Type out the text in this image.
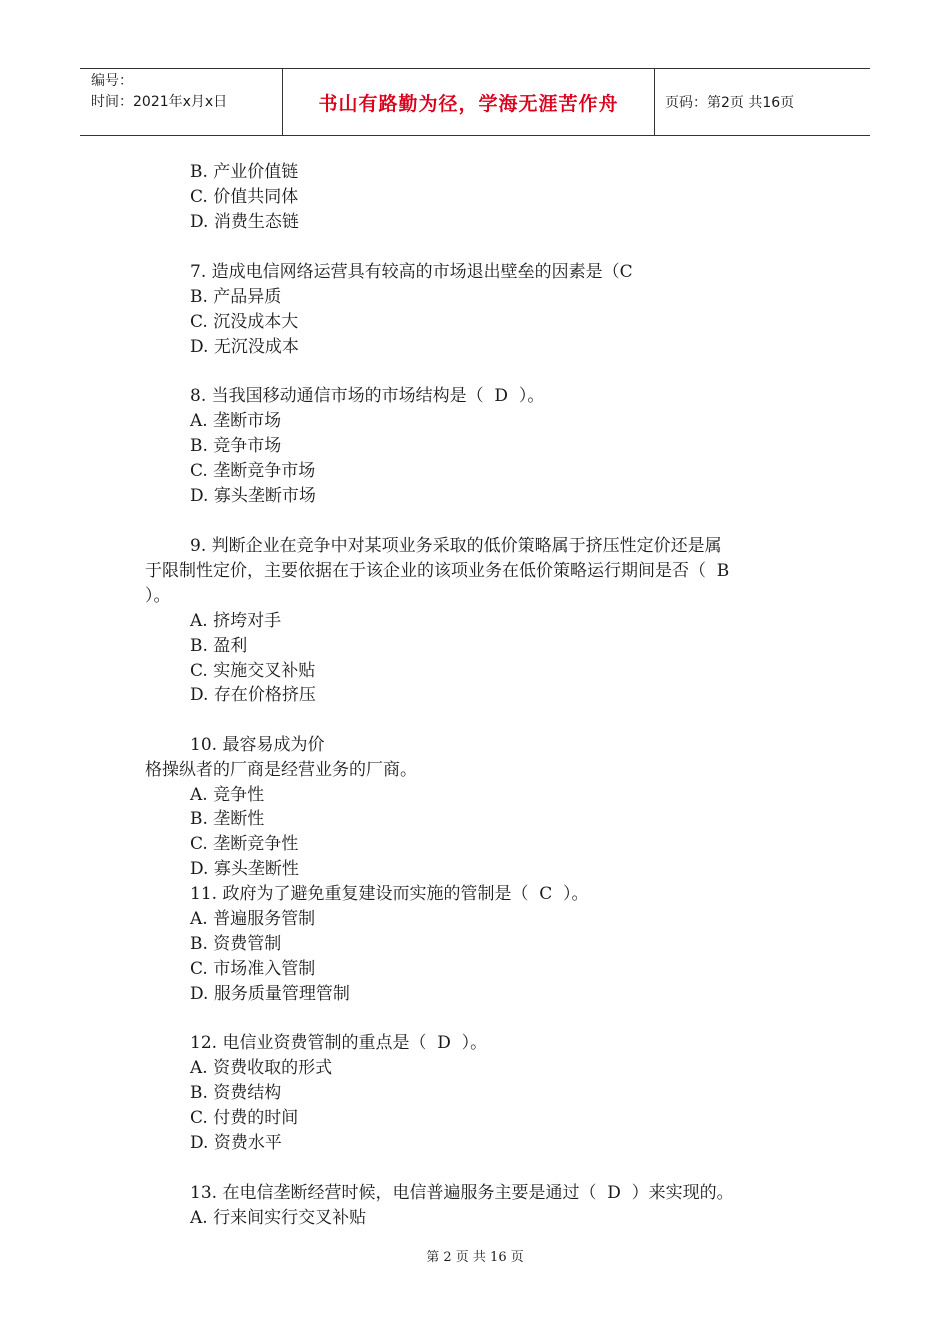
编号：
时间：2021年x月x日	书山有路勤为径，学海无涯苦作舟	页码：第2页 共16页
B. 产业价值链
C. 价值共同体
D. 消费生态链
7. 造成电信网络运营具有较高的市场退出壁垒的因素是（C
B. 产品异质
C. 沉没成本大
D. 无沉没成本
8. 当我国移动通信市场的市场结构是（  D  ）。
A. 垄断市场
B. 竞争市场
C. 垄断竞争市场
D. 寡头垄断市场
9. 判断企业在竞争中对某项业务采取的低价策略属于挤压性定价还是属
于限制性定价，主要依据在于该企业的该项业务在低价策略运行期间是否（  B
）。
A. 挤垮对手
B. 盈利
C. 实施交叉补贴
D. 存在价格挤压
10. 最容易成为价
格操纵者的厂商是经营业务的厂商。
A. 竞争性
B. 垄断性
C. 垄断竞争性
D. 寡头垄断性
11. 政府为了避免重复建设而实施的管制是（  C  ）。
A. 普遍服务管制
B. 资费管制
C. 市场准入管制
D. 服务质量管理管制
12. 电信业资费管制的重点是（  D  ）。
A. 资费收取的形式
B. 资费结构
C. 付费的时间
D. 资费水平
13. 在电信垄断经营时候，电信普遍服务主要是通过（  D  ）来实现的。
A. 行来间实行交叉补贴
第 2 页 共 16 页
